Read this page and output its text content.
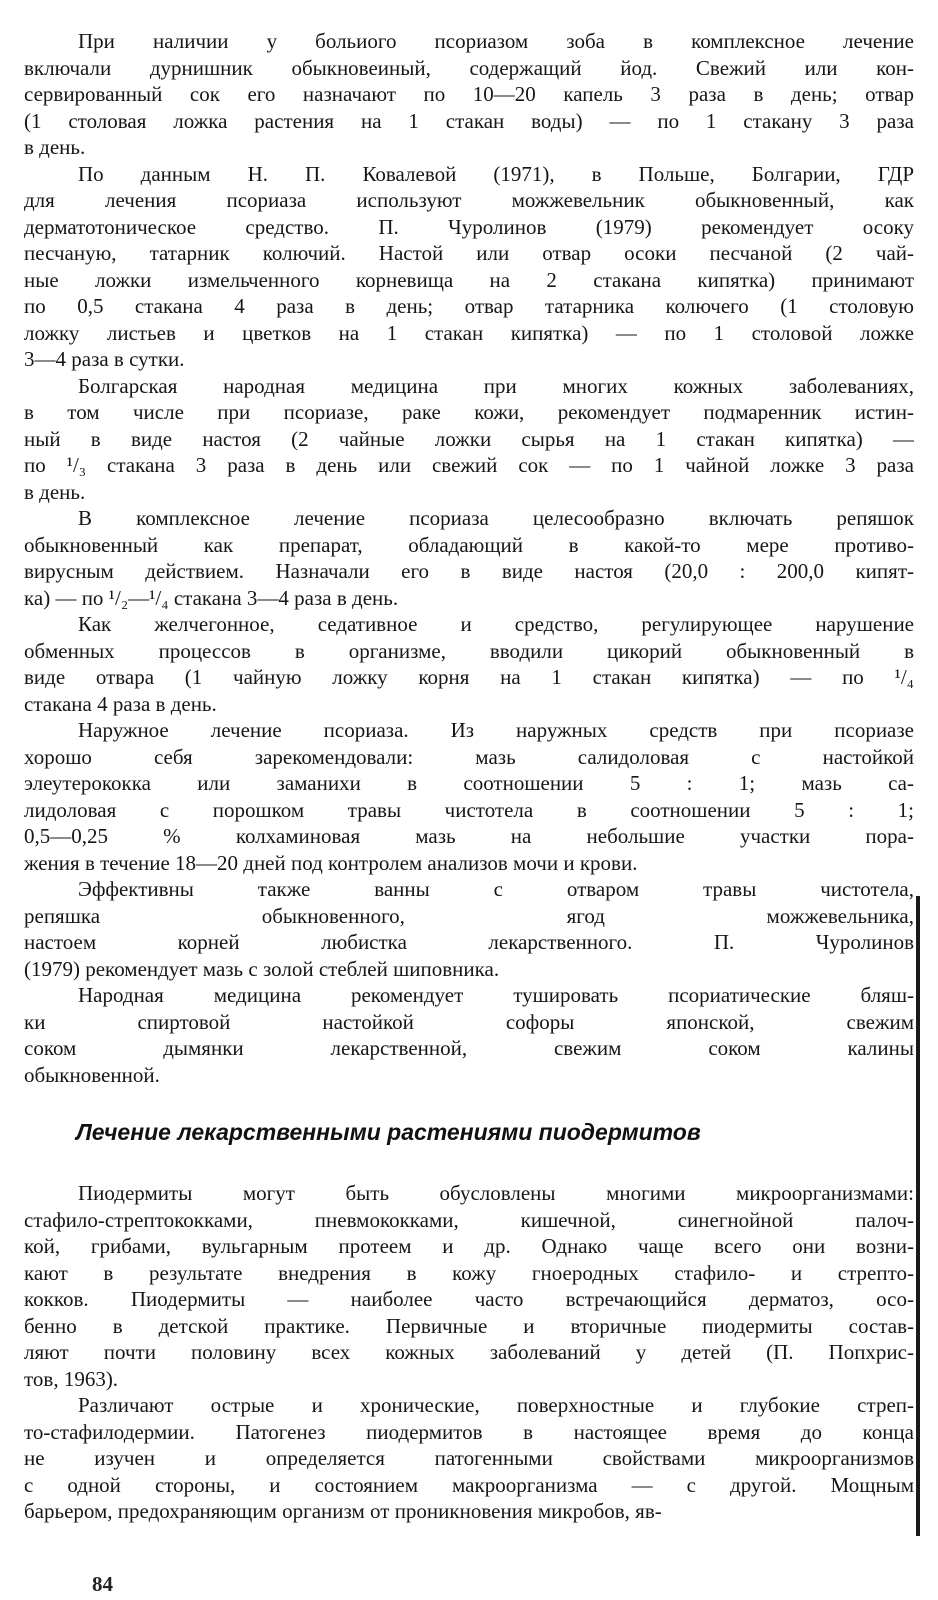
При наличии у больиого псориазом зоба в комплексное лечение
включали дурнишник обыкновеиный, содержащий йод. Свежий или кон-
сервированный сок его назначают по 10—20 капель 3 раза в день; отвар
(1 столовая ложка растения на 1 стакан воды) — по 1 стакану 3 раза
в день.
По данным Н. П. Ковалевой (1971), в Польше, Болгарии, ГДР
для лечения псориаза используют можжевельник обыкновенный, как
дерматотоническое средство. П. Чуролинов (1979) рекомендует осоку
песчаную, татарник колючий. Настой или отвар осоки песчаной (2 чай-
ные ложки измельченного корневища на 2 стакана кипятка) принимают
по 0,5 стакана 4 раза в день; отвар татарника колючего (1 столовую
ложку листьев и цветков на 1 стакан кипятка) — по 1 столовой ложке
3—4 раза в сутки.
Болгарская народная медицина при многих кожных заболеваниях,
в том числе при псориазе, раке кожи, рекомендует подмаренник истин-
ный в виде настоя (2 чайные ложки сырья на 1 стакан кипятка) —
по ¹/₃ стакана 3 раза в день или свежий сок — по 1 чайной ложке 3 раза
в день.
В комплексное лечение псориаза целесообразно включать репяшок
обыкновенный как препарат, обладающий в какой-то мере противо-
вирусным действием. Назначали его в виде настоя (20,0 : 200,0 кипят-
ка) — по ¹/₂—¹/₄ стакана 3—4 раза в день.
Как желчегонное, седативное и средство, регулирующее нарушение
обменных процессов в организме, вводили цикорий обыкновенный в
виде отвара (1 чайную ложку корня на 1 стакан кипятка) — по ¹/₄
стакана 4 раза в день.
Наружное лечение псориаза. Из наружных средств при псориазе
хорошо себя зарекомендовали: мазь салидоловая с настойкой
элеутерококка или заманихи в соотношении 5 : 1; мазь са-
лидоловая с порошком травы чистотела в соотношении 5 : 1;
0,5—0,25 % колхаминовая мазь на небольшие участки пора-
жения в течение 18—20 дней под контролем анализов мочи и крови.
Эффективны также ванны с отваром травы чистотела,
репяшка обыкновенного, ягод можжевельника,
настоем корней любистка лекарственного. П. Чуролинов
(1979) рекомендует мазь с золой стеблей шиповника.
Народная медицина рекомендует тушировать псориатические бляш-
ки спиртовой настойкой софоры японской, свежим
соком дымянки лекарственной, свежим соком калины
обыкновенной.
Лечение лекарственными растениями пиодермитов
Пиодермиты могут быть обусловлены многими микроорганизмами:
стафило-стрептококками, пневмококками, кишечной, синегнойной палоч-
кой, грибами, вульгарным протеем и др. Однако чаще всего они возни-
кают в результате внедрения в кожу гноеродных стафило- и стрепто-
кокков. Пиодермиты — наиболее часто встречающийся дерматоз, осо-
бенно в детской практике. Первичные и вторичные пиодермиты состав-
ляют почти половину всех кожных заболеваний у детей (П. Попхрис-
тов, 1963).
Различают острые и хронические, поверхностные и глубокие стреп-
то-стафилодермии. Патогенез пиодермитов в настоящее время до конца
не изучен и определяется патогенными свойствами микроорганизмов
с одной стороны, и состоянием макроорганизма — с другой. Мощным
барьером, предохраняющим организм от проникновения микробов, яв-
84
